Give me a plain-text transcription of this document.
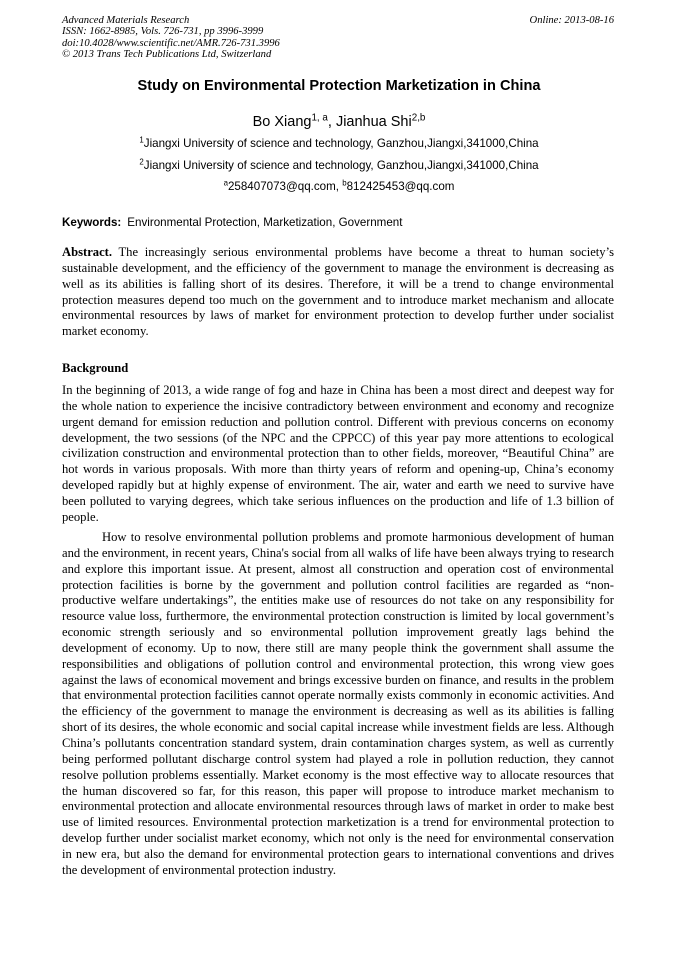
Advanced Materials Research
ISSN: 1662-8985, Vols. 726-731, pp 3996-3999
doi:10.4028/www.scientific.net/AMR.726-731.3996
© 2013 Trans Tech Publications Ltd, Switzerland
Online: 2013-08-16
Study on Environmental Protection Marketization in China
Bo Xiang$^{1, a}$, Jianhua Shi$^{2,b}$
$^1$Jiangxi University of science and technology, Ganzhou,Jiangxi,341000,China
$^2$Jiangxi University of science and technology, Ganzhou,Jiangxi,341000,China
$^a$258407073@qq.com, $^b$812425453@qq.com
Keywords: Environmental Protection, Marketization, Government
Abstract. The increasingly serious environmental problems have become a threat to human society’s sustainable development, and the efficiency of the government to manage the environment is decreasing as well as its abilities is falling short of its desires. Therefore, it will be a trend to change environmental protection measures depend too much on the government and to introduce market mechanism and allocate environmental resources by laws of market for environment protection to develop further under socialist market economy.
Background
In the beginning of 2013, a wide range of fog and haze in China has been a most direct and deepest way for the whole nation to experience the incisive contradictory between environment and economy and recognize urgent demand for emission reduction and pollution control. Different with previous concerns on economy development, the two sessions (of the NPC and the CPPCC) of this year pay more attentions to ecological civilization construction and environmental protection than to other fields, moreover, “Beautiful China” are hot words in various proposals. With more than thirty years of reform and opening-up, China’s economy developed rapidly but at highly expense of environment. The air, water and earth we need to survive have been polluted to varying degrees, which take serious influences on the production and life of 1.3 billion of people.
How to resolve environmental pollution problems and promote harmonious development of human and the environment, in recent years, China's social from all walks of life have been always trying to research and explore this important issue. At present, almost all construction and operation cost of environmental protection facilities is borne by the government and pollution control facilities are regarded as “non-productive welfare undertakings”, the entities make use of resources do not take on any responsibility for resource value loss, furthermore, the environmental protection construction is limited by local government’s economic strength seriously and so environmental pollution improvement greatly lags behind the development of economy. Up to now, there still are many people think the government shall assume the responsibilities and obligations of pollution control and environmental protection, this wrong view goes against the laws of economical movement and brings excessive burden on finance, and results in the problem that environmental protection facilities cannot operate normally exists commonly in economic activities. And the efficiency of the government to manage the environment is decreasing as well as its abilities is falling short of its desires, the whole economic and social capital increase while investment fields are less. Although China’s pollutants concentration standard system, drain contamination charges system, as well as currently being performed pollutant discharge control system had played a role in pollution reduction, they cannot resolve pollution problems essentially. Market economy is the most effective way to allocate resources that the human discovered so far, for this reason, this paper will propose to introduce market mechanism to environmental protection and allocate environmental resources through laws of market in order to make best use of limited resources. Environmental protection marketization is a trend for environmental protection to develop further under socialist market economy, which not only is the need for environmental conservation in new era, but also the demand for environmental protection gears to international conventions and drives the development of environmental protection industry.
